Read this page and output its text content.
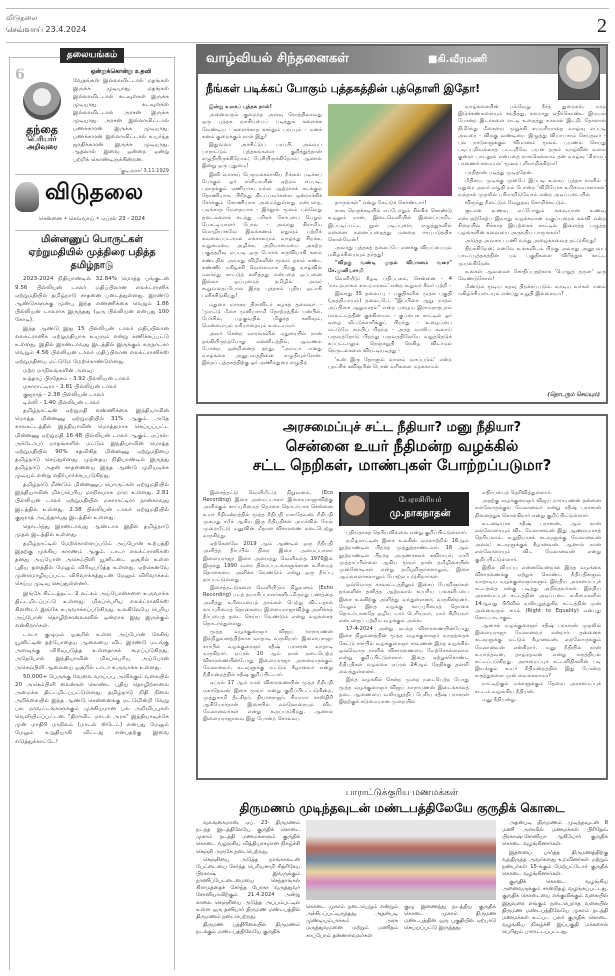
விடுதலை
செவ்வாய் 23.4.2024	2
தலையங்கம்
6
தந்தை
பெரியார்
அறிவுரை
ஒன்றுக்கொன்று உதவி
வேதங்கள் இல்லாவிட்டால் மதங்கள் இருக்க முடியாது. மதங்கள் இல்லாவிட்டால் கடவுள்கள் இருக்க முடியாது. கடவுள்கள் இல்லாவிட்டால் அரசன் இருக்க முடியாது. அரசன் இல்லாவிட்டால் பணக்காரன் இருக்க முடியாது. பணக்காரன் இல்லாவிட்டால் உயர்ந்த ஜாதிக்காரன் இருக்க முடியாது. ஆதலால் இவை ஒன்றை ஒன்று பற்றிக் கொண்டிருக்கின்றன.
'குடிஅரசு' 3.11.1929
விடுதலை
சென்னை • செவ்வாய் • ஏப்ரல் 23 - 2024
மின்னணுப் பொருட்கள் ஏற்றுமதியில் முத்திரை பதித்த தமிழ்நாடு

2023-2024 நிதியாண்டில் 32.84% மொத்த பங்குடன் 9.56 பில்லியன் டாலர் மதிப்பிலான எலக்ட்ரானிக் ஏற்றுமதியில் தமிழ்நாடு சாதனை படைத்துள்ளது. இரண்டு ஆண்டுகளுக்கு முன்பு இந்த எண்ணிக்கை வெறும் 1.86 பில்லியன் டாலராக இருந்தது (ஒரு பில்லியன் என்பது 100 கோடி).

இந்த ஆண்டு இது 15 பில்லியன் டாலர் மதிப்பிலான எலக்ட்ரானிக் ஏற்றுமதியாக உயரும் என்று கணிக்கப்பட்டு உள்ளது. இதில் இரண்டாவது இடத்தில் இருக்கும் கருநாடகா வெறும் 4.56 பில்லியன் டாலர் மதிப்பிலான எலக்ட்ரானிக்ஸ் ஏற்றுமதியை மட்டுமே மேற்கொண்டுள்ளது.

மற்ற மாநிலங்களின் அளவு:
உத்தரப் பிரதேசம் - 3.92 பில்லியன் டாலர்
மகாராட்டிரா - 2.81 பில்லியன் டாலர்
குஜராத் - 2.38 பில்லியன் டாலர்
டில்லி - 1.40 பில்லியன் டாலர்

தமிழ்நாட்டின் ஏற்றுமதி எண்ணிக்கை இந்தியாவின் மொத்த மின்னணு ஏற்றுமதியில் 31% ஆகும். அதே காலகட்டத்தில் இந்தியாவின் மொத்தமாக செய்யப்பட்ட மின்னணு ஏற்றுமதி 16.48 பில்லியன் டாலர் ஆகும். ஏப்ரல்-அக்டோபர் மாதங்களில் மட்டும் இந்தியாவின் மொத்த ஏற்றுமதியில் 90% சதவிகித மின்னணு ஏற்றுமதியை தமிழ்நாடு செய்துள்ளது. முந்தைய நிதியாண்டில் இருந்து தமிழ்நாடு அதன் சாதனையை இந்த ஆண்டு முறியடிக்க முடியும் என்று எதிர்பார்க்கப்படுகிறது.

தமிழ்நாடு மீண்டும் மின்னணுப் பொருட்கள் ஏற்றுமதியில் இந்தியாவின் மிகப்பெரிய மாநிலமாக மாற உள்ளது. 2.81 பில்லியன் டாலர் ஏற்றுமதியில் மகாராட்டிரா நான்காவது இடத்தில் உள்ளது. 2.38 பில்லியன் டாலர் ஏற்றுமதியில் குஜராத் அய்ந்தாவது இடத்தில் உள்ளது.

தொடர்ந்து இரண்டாவது ஆண்டாக இதில் தமிழ்நாடு முதல் இடத்தில் உள்ளது.

தமிழ்நாட்டில் மேற்கொள்ளப்படும் அய்போன் உற்பத்தி இதற்கு முக்கிய காரணம் ஆகும். டாடா எலக்ட்ரானிக்ஸ் தனது அய்போன் அசெம்பிளி யூனிட்டை ஓசூரில் உள்ள புதிய தளத்தில் மேலும் விரிவுபடுத்த உள்ளது. ஏற்கெனவே முன்மொழியப்பட்ட விரிவாக்கத்துடன் மேலும் விரிவாக்கம் செய்ய முடிவு செய்துள்ளனர்.

இங்கே கிட்டத்தட்ட 2 லட்சம் அய்போன்களை உருவாக்க திட்டமிடப்பட்டு உள்ளது. மிகப்பெரிய எலக்ட்ரானிக்ஸ் கிளஸ்டர் இங்கே உருவாக்கப்படுகிறது. உலகிலேயே பெரிய அய்போன் தொழிற்சாலைகளில் ஒன்றாக இது இருக்கும் என்கிறார்கள்.

டாடா குழுமம் ஓசூரில் உள்ள அய்போன் கேசிங் யூனிட்டின் தற்போதைய ஆலையை விட இரண்டு மடங்கு அளவுக்கு விரிவுபடுத்த உள்ளதாகக் கூறப்படுகிறது. அதேபோல் இந்தியாவின் மிகப்பெரிய அய்போன் அசெம்பிளி ஆலையை ஓசூரில் டாடா உருவாக்க உள்ளது.

50,000+ பேருக்கு வேலை வாய்ப்பு அளிக்கும் வகையில் 20 அசெம்பிளி லைன்கள் கொண்ட புதிய தொழிற்சாலை அமைக்க திட்டமிடப்பட்டுள்ளது. தமிழ்நாடு நிதி நிலை அறிக்கையில் இந்த ஆண்டு சென்னைக்கு மட்டுமின்றி வேறு பல மாவட்டங்களுக்கும் முக்கியமான பல அறிவிப்புகள் வெளியிடப்பட்டன. "திராவிட மாடல் அரசு" இந்தியாவுக்கே முன் மாதிரி மாநிலம் (மாடல் ஸ்டேட்) என்பது மேலும் மேலும் உறுதியாகி விட்டது என்பதற்கு இவை எடுத்துக்காட்டே!

வாழ்வியல் சிந்தனைகள்	■கி.வீரமணி
நீங்கள் படிக்கப் போகும் புத்தகத்தின் புத்தொளி இதோ!

இன்று உலகப் புத்தக நாள்!

அனைவரும் குறைந்த அளவு நேரத்திலாவது ஒரு புத்தக வாசிப்பைப் படித்துக் களைக்க வேண்டிய - களைக்காத கசந்தும் பரப்பும் - மனக் கனம் குறைக்கும் நாள் இது!

இதுவரை அச்சிட்டுப் பரப்பி, அவ்வப் பாராட்டும் புத்தகங்களை குறித்துத்தான் எழுதியிருக்கிறோம்; பேசியிருக்கிறோம்; ஆனால் இன்று ஒரு புதுமை!

இனி வாசகப் பெருமக்களாகிய நீங்கள் படிக்கப் போகும் ஓர் எளியவரின் ஏற்றம் எப்படி, பலருக்கும் ஏணியாக, நல்ல ஆற்றாகக் கடக்கும் தோணியாக, பிரிந்து கிடப்பவர்களை ஒன்றாக்கிச் சேர்க்கும் கோணியாக அமைந்துள்ளது என்பதை, படிக்காத மேதையாக - இந்நூல் மூலம் பல்வேறு தடைகளைக் கடந்து பரிசுக் கோப்பை பெறும் போட்டியாளர் போல - அவரது கிராமிய மொழியாகவே இலக்கணம் எதுவும் பற்றிக் கவலைப்படாமல் எக்காலமும் வாழ்ந்து சிறக்க, வறுமையை அழிக்க, அறியாமையை அகற்ற பகுத்தறிவு எப்படி ஒரு போர்க் கருவியாகி களம் கண்டதில் அவரது விழிகளின் மூலம் தளம் கண்ட கண்ணீர் மகிழ்ச்சி வெள்ளமாக பிறகு வாழ்வில் மலர்ந்து காட்டுத் களித்தது என்பதை ஒப்பனை இல்லா ஒப்புமைத் தமிழில் அவர் கூறுவதைப்போல இந்த புத்தகம் புதிய ஒடாகி பளிச்சிடுகிறது!

மதுரை மாநகர திராவிடர் கழகத் தலைவர் - 'முரட்டு மீசை முனியசாமி தோற்றத்தில் பன்பில், பேச்சில், பழகுவதில் மிகுந்த கனிவும், மென்மையும் மரியாதையும் உடையவர்.

அவர் சென்ற வாரங்களில் மதுரையில் நான் தங்கியிருந்தபோது என்னிடத்தில், ஆவணம் போன்ற ஒன்றினைத் தந்து, "அய்யா எனது வாழ்க்கை அனுபவத்தினை எழுதியுள்ளேன். இந்தப் புத்தகத்திற்கு ஓர் அணிந்துரை எழுதித்

தாருங்கள்" என்று கேட்டுக் கொண்டார்!

கால நெருக்கடியில் எப்போதும் சிக்கிக் கொண்டு உழலும் நான், இடைவெளியில் இளைப்பாறிட இப்படிப்பட்ட நூல் படிப்புகள், எழுத்துகளில் என்னை நனைப்பதைத்து மனதை ஈரப்படுத்திக் கொள்வேன்!

அவரது புத்தகத் தலைப்பே எனக்கு வியப்பையும் மகிழ்ச்சியையும் தந்தது!

"விறகு வண்டி முதல் விமானம் வரை" சே.முனியசாமி

வெளியீடு: கீழடி பதிப்பகம், சென்னை - 4 'நாடறமாகம் காடறமாகம்' என்ற கூறுவர் சீவர் பற்றி -

இவரது 35 தலைப்பு - பகுதிகளில் முதல் பகுதி (அத்தியாயம்) தலைப்பே, "இப்பிசை ஆறு மாதம் அப்பிசை ஆறுமாதம்" என்ற பழைய இராமநாதபுரம் மாவட்டத்தின் குக்கிராமம் - குப்பைக் காட்டில் ஓர் ஏழை வீட்டுக்காரிக்குப் பிறந்து - உழைப்பை மட்டுமே நம்பிப் பிறந்த - அந்த வாலிப கூலாய் பருவத்தோடு பிறந்து பருவத்திலேயே வறுத்தெடுக் கப்பட்டாலும் நெஞ்சுறுதி நெகிழ விடாமல் நெருடல்களை விரட்டியடித்து -

'உன் இரு தோளும் வாளம் வசப்படும்' என்ற புரட்சிக் கவிஞரின் பொன் வரிகளை மறக்காமல்

வாழ்க்கையின் பல்வேறு நீர்த் துறைகள், மாற இடுக்கண்களையும் சந்தித்து, நலமாது எதிர்கொண்ட இமயம் போன்ற இடர்களை எட்டி உதைத்து காலால் இடறி, தோளால் நிமிர்ந்து மீசையை முறுக்கி சுயமரியாதை வாழ்வு எப்படி அவரை - விறகு வண்டியை இழுத்து வியாபாரம் செய்தவர் - பல நாடுகளுக்கும் விமானம் மூலம் பயணம் செய்து படிப்பறிவல்லாத பட்டறிவே பயன் தரும் வாழ்வின் வளம் குன்றா பாடநூல் என்பதை நாங்கெல்லாம் தன் வாழ்வு 'கிராமப் பாணைச் சமையல்' மூலம் பரிமாறிக்கிறார்!

பாதிதான் படித்து முடித்தேன்.

மீதியை முடிக்கு முன்பே இப்படி உலகப் புத்தக நாளில் - மதுரை அவர் எழுதி நம் போன்ற 'விறிபோக உரிமையாளர்கள்' வந்தால் முதலில் பரிமாறிடுவோம் என்ற அடிப்படையில்

விருந்து நீளட்டும் வேறுதவு கொறிக்கட்டும்.

சூடான உணவு எப்போதும் சுவையான உணவு என்பதற்கேற்ப இவரது வழக்கமான வகுப்பறைக் கல்வி என்ற சிறையில் சிக்காத இயற்கைக் காட்டில் இளைத்த பழுத்த பழங்களின் சுவையை அருந்திப் பாருங்கள்!

அடுத்த அவசரப் பணி வந்து அழைக்கவைத் தட்டுகிறது!

திறக்கிறேன்; எனவே உங்களிடம் பிறகு அவரது அனுபவப் பாடப்புத்தகத்தின் பல பகுதிகளை விரித்துக் காட்ட முயல்கிறேன்.

உங்கள் ஆவலைச் சோதிப்பதற்காக 'பொறுத் தருள' ஒரு வேண்டுகோள்!

மீண்டும் மூடிய கதவு திறக்கப்படும். வாடிய வர்கள் மனம் மகிழ்ச்சியடையும் என்பது உறுதி இல்லையா?

(தொடரும் செய்யும்)
அரசமைப்புச் சட்ட நீதியா? மனு நீதியா?
சென்னை உயர் நீதிமன்ற வழக்கில்
சட்ட நெறிகள், மாண்புகள் போற்றப்படுமா?

இசைத்தட்டு வெளியீட்டு நிறுவனம், (Eco Recording) இசை அமைப்பாளர் இளையராஜாவிற்கு அளிக்கும் காப்புரிமைத் தொகை தொடர்பாக சென்னை உயர் நீதிமன்றத்தில் மூத்த நீதிபதி மகாதேவன், நீதிபதி முகமது சபீக் ஆகிய இரு நீதிபதிகள் அமர்வில் மேல் முறையீட்டு மனுவின் மீதான விசாரணை நடைபெற்று வருகிறது.

ஏற்கெனவே 2019 ஆம் ஆண்டில் ஒரு நீதிபதி அளித்த தீர்ப்பில் திரை இசை அமைப்பாளர் இளையராஜா இசை அமைத்து வெளிவந்த 1970இல் இருந்து 1990 வரை திரைப்படங்களுக்கான உரிமைத் தொகையை அளிக்க வேண்டும் என்று ஒரு தீர்ப்பு தரப்பட்டுள்ளது.

இசைத்தட்டுகளை வெளியிடும் நிறுவனம் (Echo Recording) படத் தயாரிப்பாளர்களிடமிருந்து பணத்தை அளித்து உரிமையைத் தாங்கள் பெற்று விட்டதால் காப்புரிமைத் தொகையை இளையராஜாவிற்கு அளிக்கத் தீர்ப்பைத் தடை செய்ய வேண்டும் என்று வழக்கைத் தொடர்ந்துள்ளது.

மூத்த வழக்குரைஞர் விஜய் நாராயணன் இந்நிறுவனத்திற்காக வாதாடி வருகிறார். இளையராஜா சார்பில் வழக்குரைஞர் சதீஷ் பராசரன் வாதாடி வருகிறார். ஏப்ரல் 10 ஆம் நாள் நடைபெற்ற விசாரணையின்போது இளையராஜா அனைவருக்கும் மேலானவர், கடவுளுக்கு மட்டும் கீழானவர் என்று நீதிமன்றத்தில் சதீஷ் குறிப்பிட்டார்.

ஏப்ரல் 17 ஆம் நாள் விசாரணையின் மூத்த நீதிபதி மகாதேவன் இசை மூவர் என்று குறிப்பிடப்படுகின்ற, முத்துசாமி தீட்சிதர், தியாகராஜர், சியாமா சாஸ்திரி ஆகியோர்தான் இசையில் எல்லோரையும் விட மேலானவர்கள் என்று கூறப்படுகிறது. ஆனால் இளையராஜாவை இது போன்ற சொல்லப்

பேராசிரியர்
மு.நாகநாதன்

புதியதாகத் தெரியவில்லை என்று குறிப்பிட்டுள்ளார்.

தமிழ்நாட்டின் இசை உலகின் வரலாற்றில் 16ஆம் நூற்றாண்டில் பிறந்த முத்துத்தாண்டவர், 18 ஆம் நூற்றாண்டில் பிறந்த அருணாசலக் கவிராயர், மாரி முத்தாப்பிள்ளை ஆகிய மூவர் தான் தமிழிசையின் முன்னோடிகள் என்று தமிழறிஞர்களாலும், இசை ஆய்வாளர்களாலும் போற்றப்படுகிறார்கள்.

ஒவ்வொரு காலகட்டத்திலும் இசைப் பேரறிஞர்கள் தங்களின் தனித்த ஆற்றலால் உயரிய பங்களிப்பை இசை உலகிற்கு அளித்து வந்துள்ளனர்; வருகின்றனர். மேலும் இந்த வழக்கு காப்புரிமைத் தொகை தொடர்பானதே ஒழிய யார் பெரியவர், யார் சிறியவர் என்பதைப் பற்றிய வழக்கும் அல்ல.

17-4-2024 அன்று நடந்த விசாரணையின்போது இசை நிறுவனத்தின் மூத்த வழக்குரைஞர் வாதத்தைக் கேட்டு சார்பில் வழக்குரைஞர் சரவணன் இந்த வழக்கில் ஒவ்வொரு நாளில் விசாரணையை மேற்கொள்ளலாம் என்று குறிப்பிட்டுள்ளார். இதை ஏற்றுக்கொண்ட நீதிபதிகள் வழக்கை ஏப்ரல் 24ஆம் தேதிக்கு தள்ளி வைத்துள்ளனர்.

இந்த வழக்கில் சென்ற முறை நடைபெற்ற போது மூத்த வழக்குரைஞர் விஜய் நாராயணன் இடைக்காலத் தடை ஆணையை வலியுறுத்திப் பேசிய சதீஷ் பராசரன் இதற்குக் கடுமையான முறையில்

எதிர்ப்பைத் தெரிவித்துள்ளார்.

அதற்கு வழக்குரைஞர் விஜய் நாராயணன் தன்னை எல்லோருக்கும் மேலானவர் என்று சதீஷ் பராசரன் நினைத்துக் கொள்கிறார் என்று குறிப்பிட்டுள்ளார்.

உடனடியாக சதீஷ் பராசரன், ஆம் நான் எல்லோரையும் விட மேலானவன் இது ஆணவமாகத் தெரியலாம். உறுதியாகக் கடவுளுக்கு மேலானவன் அல்ல; கடவுளுக்குக் கீழானவன். ஆனால் நான் எல்லோரையும் விட மேலானவன் என்று குறிப்பிட்டுள்ளார்.

இதில் வியப்பு என்னவென்றால் இந்த வழக்கை விசாரணைக்கு ஏற்றுக் கொண்ட நீதிபதிகளும் வாதாடிய வழக்குரைஞர்களும் இந்திய அரசமைப்புச் சட்டத்தை நன்கு படித்து அறிந்தவர்கள். இந்திய அரசமைப்புச் சட்டத்தின் அடிப்படை உரிமைகளில் 14ஆவது பிரிவில் வலியுறுத்துகிற சட்டத்தின் முன் அனைவரும் சமம் (Right to Equality) என்பது கோட்பாடாகும்.

ஆனால் வழக்குரைஞர் சதீஷ் பராசரன் முதலில் இளையராஜா மேலானவர் என்றார். தன்னைக் கடவுளுக்கு மட்டும் கீழானவன், எல்லோருக்கும் மேலானவன் என்கிறார். மனு நீதியில் நான் உயர்ந்தவன், தாழ்ந்தவன் என்று கருத்தியல் கட்டப்படுகிறது. அரசமைப்புச் சட்டவிதிகளின் படி இயங்கும் உயர் நீதிமன்றத்தில் இது போன்ற கருத்துகளை முன் வைக்கலாமா?

நாட்டிற்கும் மக்களுக்கும் தேவை அரசமைப்புச் சட்டம் வழங்கிய நீதியன்.

மனு நீதியன்று.

பாராட்டுக்குரிய மணமக்கள்
திருமணம் முடிந்தவுடன் மண்டபத்திலேயே குருதிக் கொடை

வலங்கைமான், ஏப். 23- திருமணம் நடந்த இடத்திலேயே குருதிக் கொடை முகாம் நடத்தி மணமக்களும் குருதிக் கொடை வழங்கிய வித்தியாசமான நிகழ்ச்சி செஞ்சி அருகே நடைபெற்றது.

செஞ்சியை அடுத்த நாங்காலடன் பேட்டையை சேர்ந்த பெரியசாமி சித்ரிசேய பிரகாஷ் இவருக்கும் நாணிப்பேட்டைமையை செந்தாங்கல் கிராமத்தைச் சேர்ந்த போகா வருத்துவர் சோனியாவிற்கும் 21.4.2024 அன்று காலை செஞ்சியை அடுத்த அப்பம்பட்டில் உள்ள ஒரு தனியார் திருமண மண்டபத்தில் திருமணம் நடைபெற்றது.

திருமண பத்திரிகையில் திருமணம் நடக்கும் மண்டபத்திலேயே குருதிக்

கொடை முகாம் நடைபெறும் என்றும் அச்சிடப்பட்டிருந்தது. அதன்படி முண்டியம்பாக்கம் அரசு மருத்துவமனை மற்றும் மணிதம் காப்போம் தன்னார்வலர்கள்
குழு இணைந்து நடத்திய குருதிக் கொடை முகாம் திருமண மண்டபத்தின் ஒரு பகுதியில் ஏற்பாடு செய்யப்பட்டு இருந்தது.

அதன்படி திருமணம் முடிந்தவுடன் 8 மணி அளவில் மணமக்கள் பிரிதேவ் பிரகாஷ்-சோனியா ஆகியோர் குருதிக் கொடை வழங்கினார்கள்.

இதனைப் பார்த்த திருமணத்திற்கு வந்திருந்த அவர்களது உறவினர்கள் மற்றும் நண்பர்கள் 15-க்கும் மேற்பட்டோர் குருதிக் கொடை வழங்கினார்கள்.

குருதிக் கொடை வழங்கிய அனைவருக்கும் சான்றிதழ் வழங்கப்பட்டது. குருதிக் கொடையை எக்குவிக்கும் வகையில் இதுவரை எங்கும் நடைபெறாத வகையில் திருமண மண்டபத்திலேயே முகாம் நடத்தி மணமக்கள் உட்பட பலர் குருதிக் கொடை வழங்கிய நிகழ்ச்சி இப்பகுதி மக்களால் பெரிதும் பாராட்டப்பட்டது.
